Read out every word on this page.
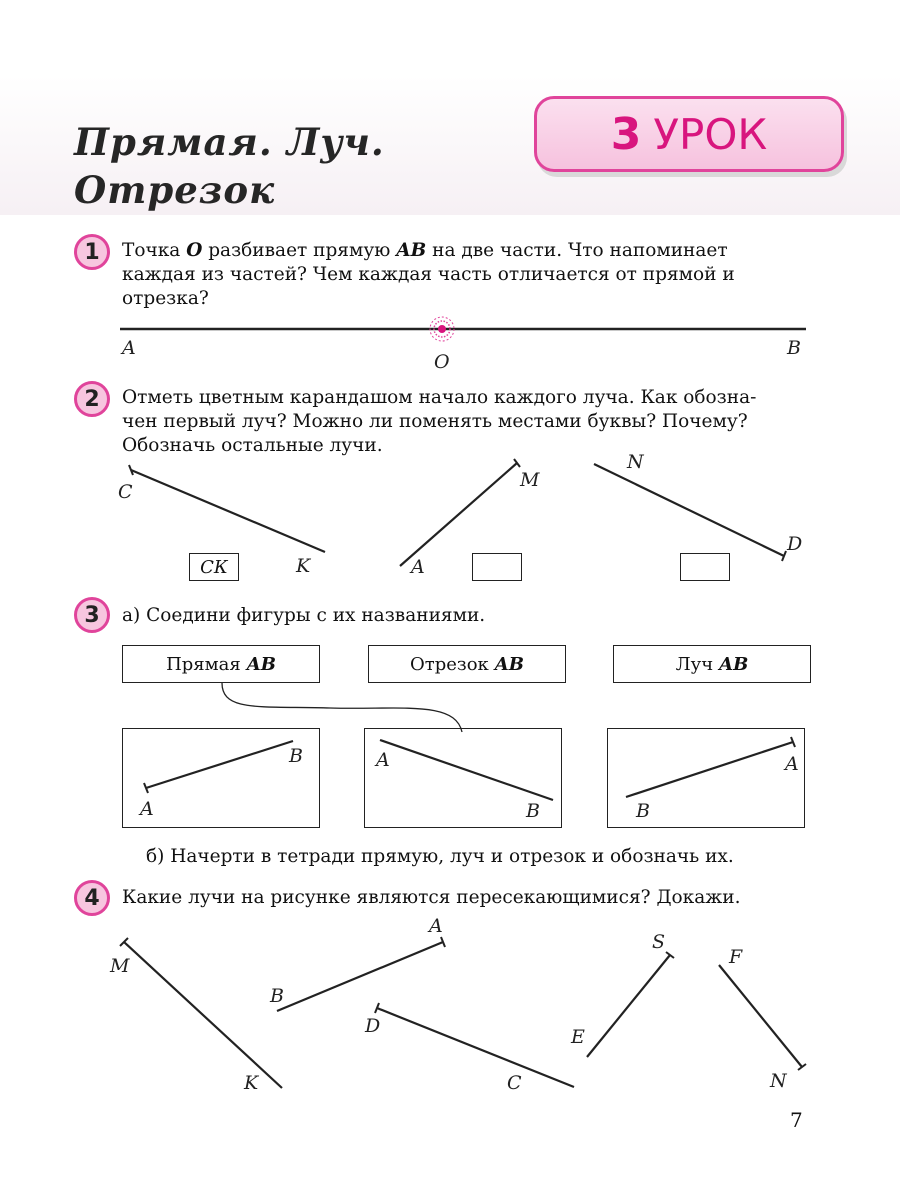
Прямая. Луч.
Отрезок
3 УРОК
1	Точка O разбивает прямую AB на две части. Что напоминает
каждая из частей? Чем каждая часть отличается от прямой и
отрезка?

A
O
B
2	Отметь цветным карандашом начало каждого луча. Как обозна-
чен первый луч? Можно ли поменять местами буквы? Почему?
Обозначь остальные лучи.

C
K
M
A
N
D
СК
3	а) Соедини фигуры с их названиями.

Прямая AB	Отрезок AB	Луч AB
A
B	A
B	B
A

б) Начерти в тетради прямую, луч и отрезок и обозначь их.

4	Какие лучи на рисунке являются пересекающимися? Докажи.

M
K
A
B
D
C
S
E
F
N
7
